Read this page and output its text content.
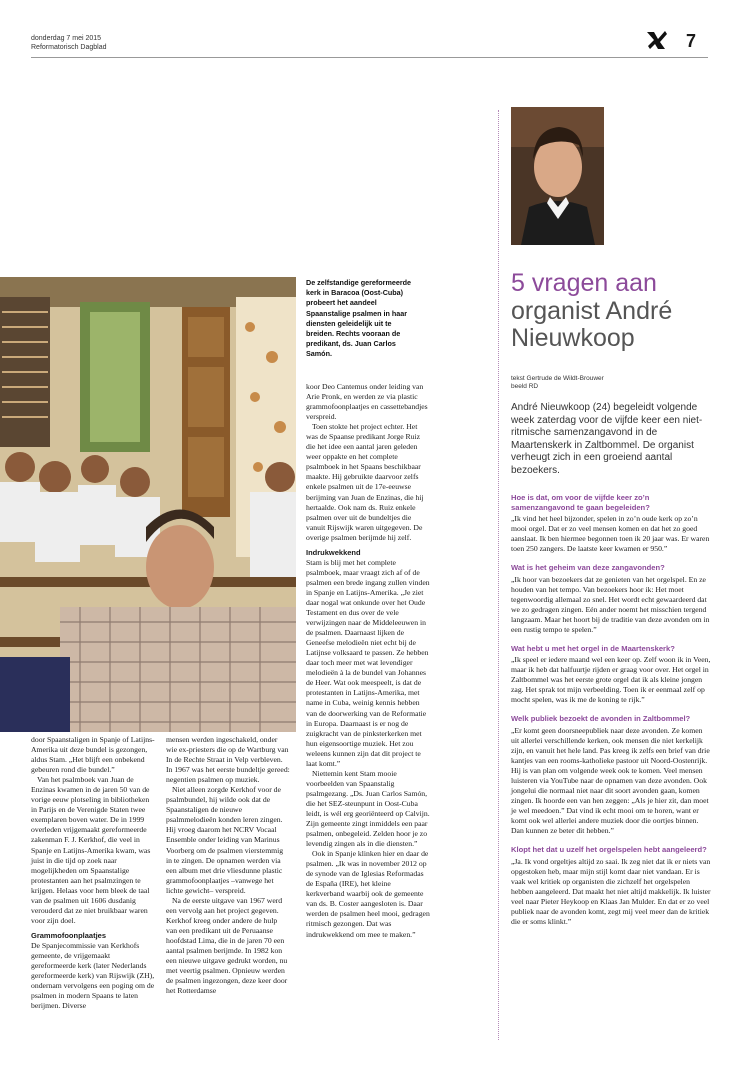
donderdag 7 mei 2015
Reformatorisch Dagblad	7
De zelfstandige gereformeerde kerk in Baracoa (Oost-Cuba) probeert het aandeel Spaanstalige psalmen in haar diensten geleidelijk uit te breiden. Rechts vooraan de predikant, ds. Juan Carlos Samón.

door Spaanstaligen in Spanje of Latijns-Amerika uit deze bundel is gezongen, aldus Stam. „Het blijft een onbekend gebeuren rond die bundel.”

Van het psalmboek van Juan de Enzinas kwamen in de jaren 50 van de vorige eeuw plotseling in bibliotheken in Parijs en de Verenigde Staten twee exemplaren boven water. De in 1999 overleden vrijgemaakt gereformeerde zakenman F. J. Kerkhof, die veel in Spanje en Latijns-Amerika kwam, was juist in die tijd op zoek naar mogelijkheden om Spaanstalige protestanten aan het psalmzingen te krijgen. Helaas voor hem bleek de taal van de psalmen uit 1606 dusdanig verouderd dat ze niet bruikbaar waren voor zijn doel.

Grammofoonplaatjes

De Spanjecommissie van Kerkhofs gemeente, de vrijgemaakt gereformeerde kerk (later Nederlands gereformeerde kerk) van Rijswijk (ZH), ondernam vervolgens een poging om de psalmen in modern Spaans te laten berijmen. Diverse

mensen werden ingeschakeld, onder wie ex-priesters die op de Wartburg van In de Rechte Straat in Velp verbleven. In 1967 was het eerste bundeltje gereed: negentien psalmen op muziek.

Niet alleen zorgde Kerkhof voor de psalmbundel, hij wilde ook dat de Spaanstaligen de nieuwe psalmmelodieën konden leren zingen. Hij vroeg daarom het NCRV Vocaal Ensemble onder leiding van Marinus Voorberg om de psalmen vierstemmig in te zingen. De opnamen werden via een album met drie vliesdunne plastic grammofoonplaatjes –vanwege het lichte gewicht– verspreid.

Na de eerste uitgave van 1967 werd een vervolg aan het project gegeven. Kerkhof kreeg onder andere de hulp van een predikant uit de Peruaanse hoofdstad Lima, die in de jaren 70 een aantal psalmen berijmde. In 1982 kon een nieuwe uitgave gedrukt worden, nu met veertig psalmen. Opnieuw werden de psalmen ingezongen, deze keer door het Rotterdamse

koor Deo Cantemus onder leiding van Arie Pronk, en werden ze via plastic grammofoonplaatjes en cassettebandjes verspreid.

Toen stokte het project echter. Het was de Spaanse predikant Jorge Ruiz die het idee een aantal jaren geleden weer oppakte en het complete psalmboek in het Spaans beschikbaar maakte. Hij gebruikte daarvoor zelfs enkele psalmen uit de 17e-eeuwse berijming van Juan de Enzinas, die hij hertaalde. Ook nam ds. Ruiz enkele psalmen over uit de bundeltjes die vanuit Rijswijk waren uitgegeven. De overige psalmen berijmde hij zelf.

Indrukwekkend

Stam is blij met het complete psalmboek, maar vraagt zich af of de psalmen een brede ingang zullen vinden in Spanje en Latijns-Amerika. „Je ziet daar nogal wat onkunde over het Oude Testament en dus over de vele verwijzingen naar de Middeleeuwen in de psalmen. Daarnaast lijken de Geneefse melodieën niet echt bij de Latijnse volksaard te passen. Ze hebben daar toch meer met wat levendiger melodieën à la de bundel van Johannes de Heer. Wat ook meespeelt, is dat de protestanten in Latijns-Amerika, met name in Cuba, weinig kennis hebben van de doorwerking van de Reformatie in Europa. Daarnaast is er nog de zuigkracht van de pinksterkerken met hun eigensoortige muziek. Het zou weleens kunnen zijn dat dit project te laat komt.”

Niettemin kent Stam mooie voorbeelden van Spaanstalig psalmgezang. „Ds. Juan Carlos Samón, die het SEZ-steunpunt in Oost-Cuba leidt, is wél erg georiënteerd op Calvijn. Zijn gemeente zingt inmiddels een paar psalmen, onbegeleid. Zelden hoor je zo levendig zingen als in die diensten.”

Ook in Spanje klinken hier en daar de psalmen. „Ik was in november 2012 op de synode van de Iglesias Reformadas de España (IRE), het kleine kerkverband waarbij ook de gemeente van ds. B. Coster aangesloten is. Daar werden de psalmen heel mooi, gedragen ritmisch gezongen. Dat was indrukwekkend om mee te maken.”

5 vragen aan
organist André
Nieuwkoop
tekst Gertrude de Wildt-Brouwer
beeld RD
André Nieuwkoop (24) begeleidt volgende week zaterdag voor de vijfde keer een niet-ritmische samenzangavond in de Maartenskerk in Zaltbommel. De organist verheugt zich in een groeiend aantal bezoekers.
Hoe is dat, om voor de vijfde keer zo’n samenzangavond te gaan begeleiden?

„Ik vind het heel bijzonder, spelen in zo’n oude kerk op zo’n mooi orgel. Dat er zo veel mensen komen en dat het zo goed aanslaat. Ik ben hiermee begonnen toen ik 20 jaar was. Er waren toen 250 zangers. De laatste keer kwamen er 950.”

Wat is het geheim van deze zangavonden?

„Ik hoor van bezoekers dat ze genieten van het orgelspel. En ze houden van het tempo. Van bezoekers hoor ik: Het moet tegenwoordig allemaal zo snel. Het wordt echt gewaardeerd dat we zo gedragen zingen. Eén ander noemt het misschien tergend langzaam. Maar het hoort bij de traditie van deze avonden om in een rustig tempo te spelen.”

Wat hebt u met het orgel in de Maartenskerk?

„Ik speel er iedere maand wel een keer op. Zelf woon ik in Veen, maar ik heb dat halfuurtje rijden er graag voor over. Het orgel in Zaltbommel was het eerste grote orgel dat ik als kleine jongen zag. Het sprak tot mijn verbeelding. Toen ik er eenmaal zelf op mocht spelen, was ik me de koning te rijk.”

Welk publiek bezoekt de avonden in Zaltbommel?

„Er komt geen doorsneepubliek naar deze avonden. Ze komen uit allerlei verschillende kerken, ook mensen die niet kerkelijk zijn, en vanuit het hele land. Pas kreeg ik zelfs een brief van drie kantjes van een rooms-katholieke pastoor uit Noord-Oostenrijk. Hij is van plan om volgende week ook te komen. Veel mensen luisteren via YouTube naar de opnamen van deze avonden. Ook jongelui die normaal niet naar dit soort avonden gaan, komen zingen. Ik hoorde een van hen zeggen: „Als je hier zit, dan moet je wel meedoen.” Dat vind ik echt mooi om te horen, want er komt ook wel allerlei andere muziek door die oortjes binnen. Dan kunnen ze beter dit hebben.”

Klopt het dat u uzelf het orgelspelen hebt aangeleerd?

„Ja. Ik vond orgeltjes altijd zo saai. Ik zeg niet dat ik er niets van opgestoken heb, maar mijn stijl komt daar niet vandaan. Er is vaak wel kritiek op organisten die zichzelf het orgelspelen hebben aangeleerd. Dat maakt het niet altijd makkelijk. Ik luister veel naar Pieter Heykoop en Klaas Jan Mulder. En dat er zo veel publiek naar de avonden komt, zegt mij veel meer dan de kritiek die er soms klinkt.”
